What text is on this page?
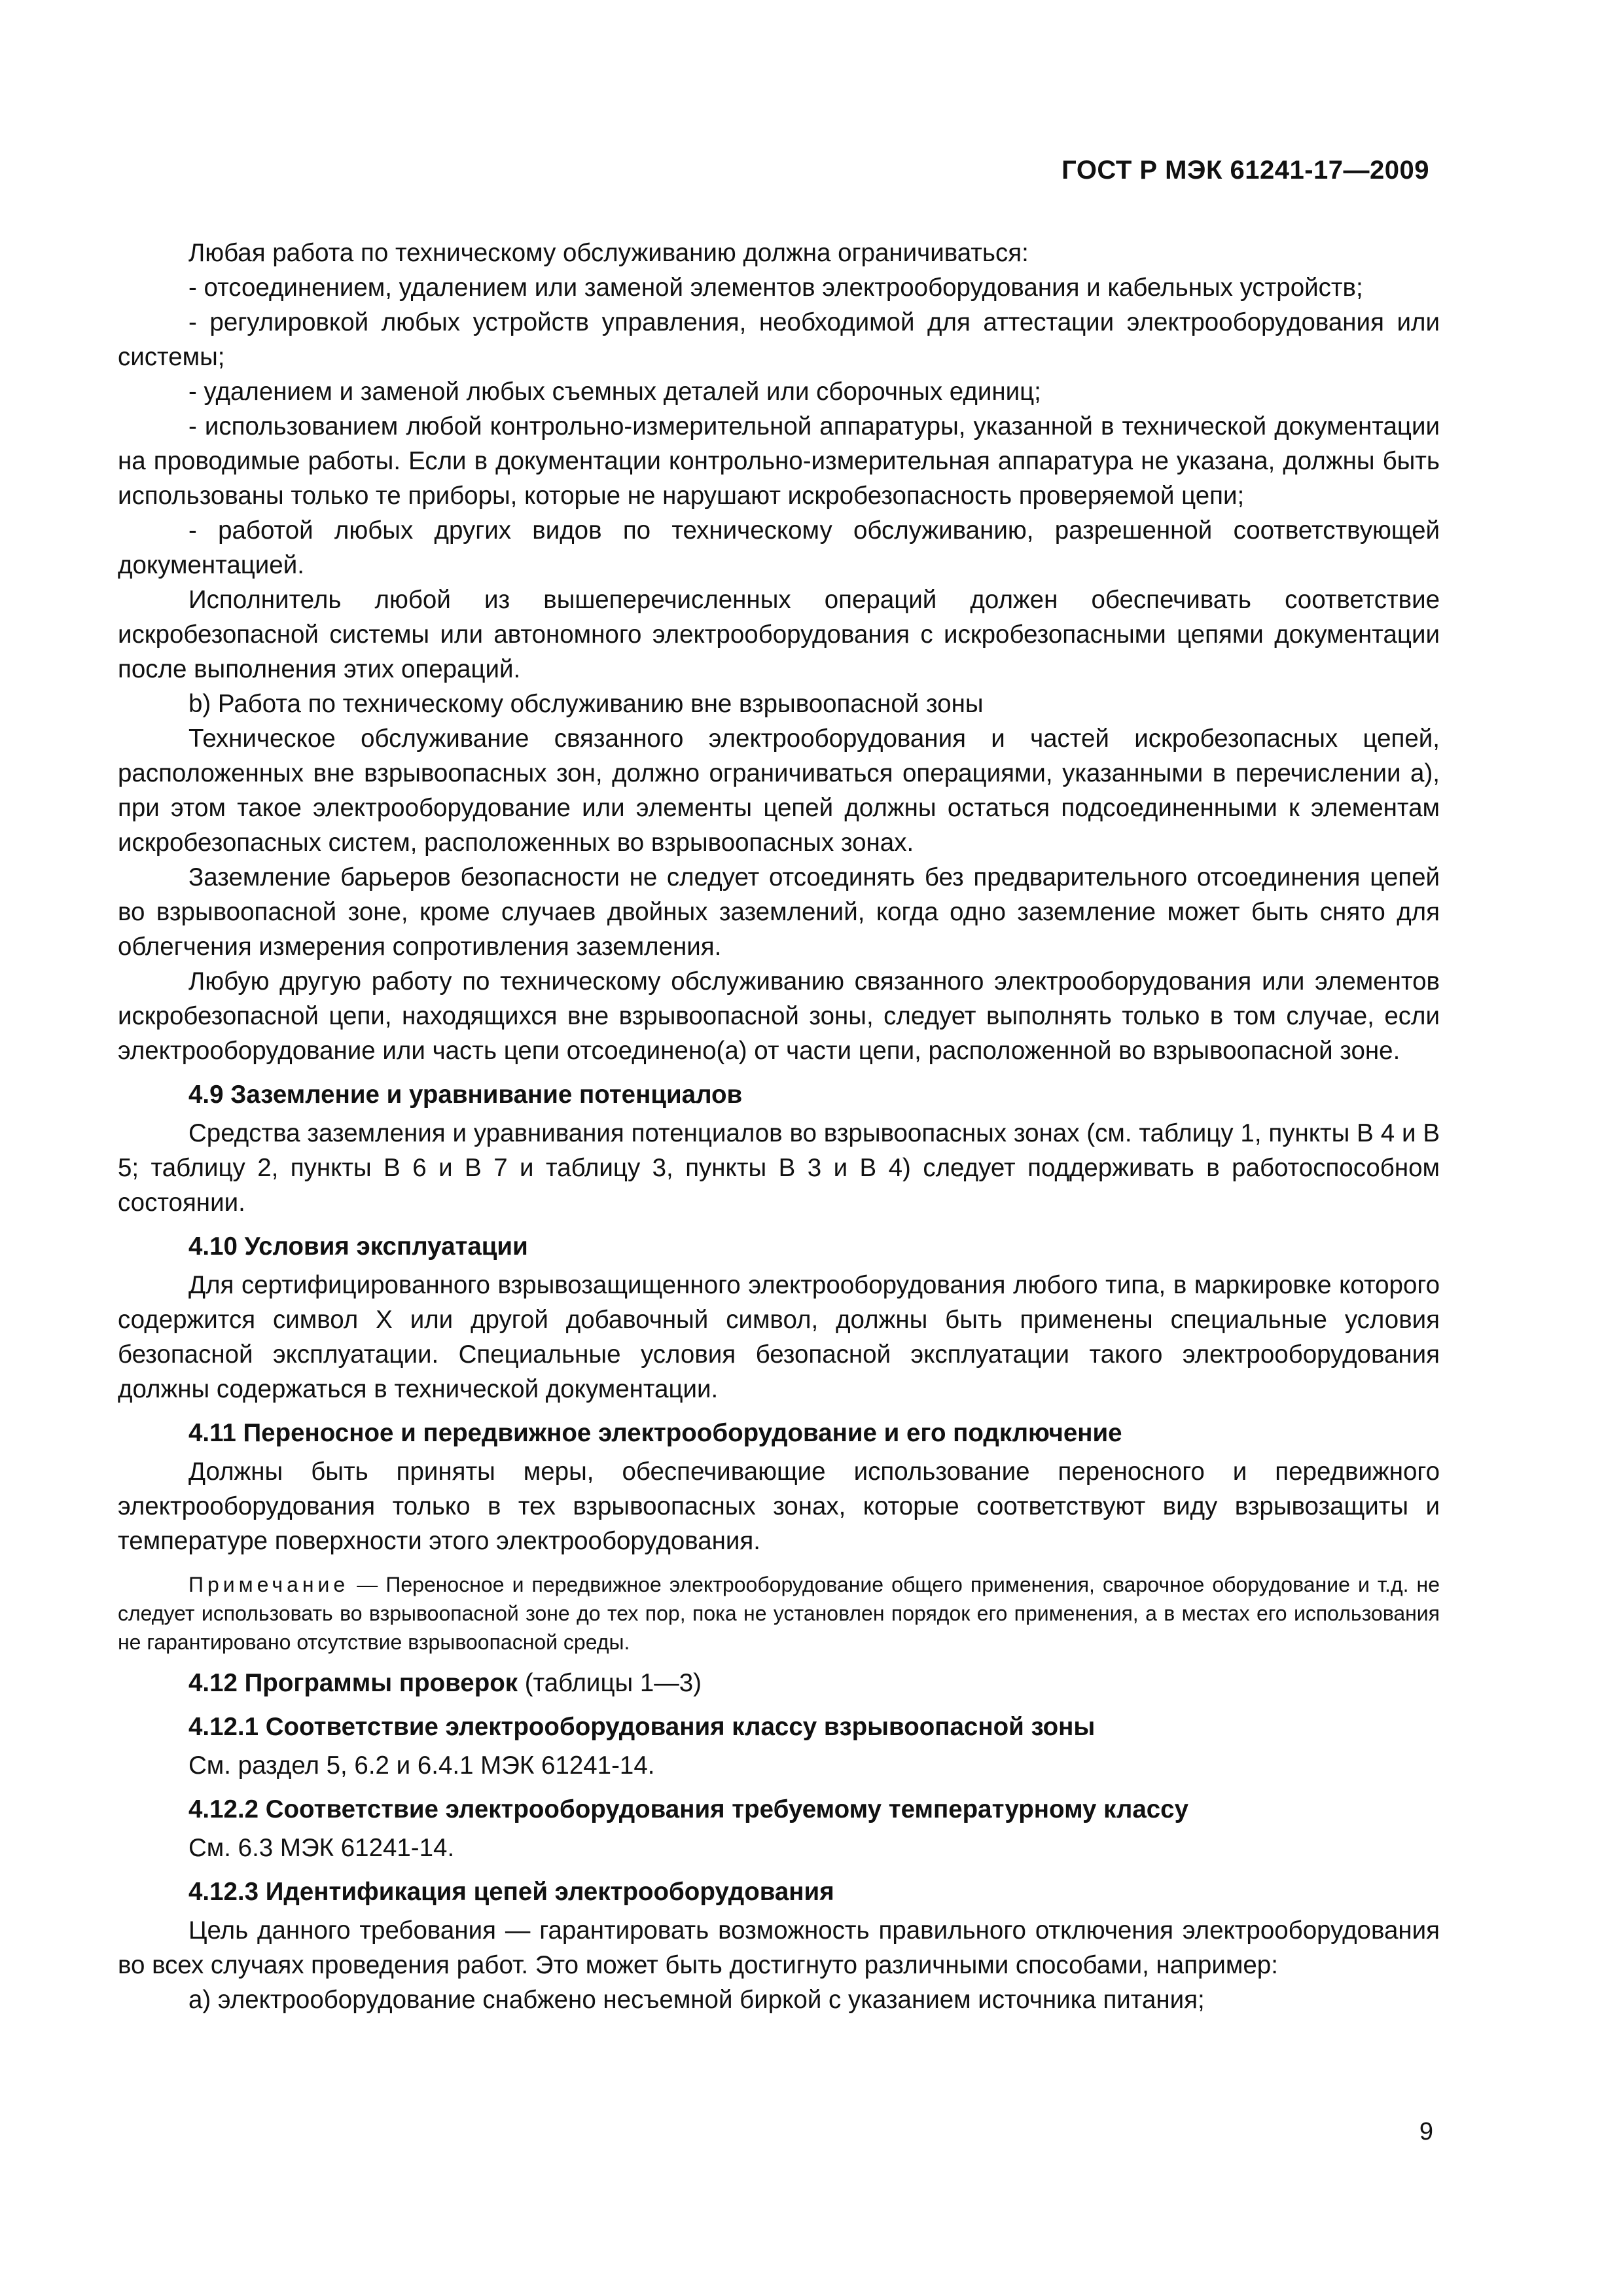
ГОСТ Р МЭК 61241-17—2009

Любая работа по техническому обслуживанию должна ограничиваться:

- отсоединением, удалением или заменой элементов электрооборудования и кабельных устройств;

- регулировкой любых устройств управления, необходимой для аттестации электрооборудования или системы;

- удалением и заменой любых съемных деталей или сборочных единиц;

- использованием любой контрольно-измерительной аппаратуры, указанной в технической документации на проводимые работы. Если в документации контрольно-измерительная аппаратура не указана, должны быть использованы только те приборы, которые не нарушают искробезопасность проверяемой цепи;

- работой любых других видов по техническому обслуживанию, разрешенной соответствующей документацией.

Исполнитель любой из вышеперечисленных операций должен обеспечивать соответствие искробезопасной системы или автономного электрооборудования с искробезопасными цепями документации после выполнения этих операций.

b) Работа по техническому обслуживанию вне взрывоопасной зоны

Техническое обслуживание связанного электрооборудования и частей искробезопасных цепей, расположенных вне взрывоопасных зон, должно ограничиваться операциями, указанными в перечислении а), при этом такое электрооборудование или элементы цепей должны остаться подсоединенными к элементам искробезопасных систем, расположенных во взрывоопасных зонах.

Заземление барьеров безопасности не следует отсоединять без предварительного отсоединения цепей во взрывоопасной зоне, кроме случаев двойных заземлений, когда одно заземление может быть снято для облегчения измерения сопротивления заземления.

Любую другую работу по техническому обслуживанию связанного электрооборудования или элементов искробезопасной цепи, находящихся вне взрывоопасной зоны, следует выполнять только в том случае, если электрооборудование или часть цепи отсоединено(а) от части цепи, расположенной во взрывоопасной зоне.

4.9 Заземление и уравнивание потенциалов

Средства заземления и уравнивания потенциалов во взрывоопасных зонах (см. таблицу 1, пункты В 4 и В 5; таблицу 2, пункты В 6 и В 7 и таблицу 3, пункты В 3 и В 4) следует поддерживать в работоспособном состоянии.

4.10 Условия эксплуатации

Для сертифицированного взрывозащищенного электрооборудования любого типа, в маркировке которого содержится символ X или другой добавочный символ, должны быть применены специальные условия безопасной эксплуатации. Специальные условия безопасной эксплуатации такого электрооборудования должны содержаться в технической документации.

4.11 Переносное и передвижное электрооборудование и его подключение

Должны быть приняты меры, обеспечивающие использование переносного и передвижного электрооборудования только в тех взрывоопасных зонах, которые соответствуют виду взрывозащиты и температуре поверхности этого электрооборудования.

Примечание — Переносное и передвижное электрооборудование общего применения, сварочное оборудование и т.д. не следует использовать во взрывоопасной зоне до тех пор, пока не установлен порядок его применения, а в местах его использования не гарантировано отсутствие взрывоопасной среды.
4.12 Программы проверок (таблицы 1—3)
4.12.1 Соответствие электрооборудования классу взрывоопасной зоны

См. раздел 5, 6.2 и 6.4.1 МЭК 61241-14.

4.12.2 Соответствие электрооборудования требуемому температурному классу

См. 6.3 МЭК 61241-14.

4.12.3 Идентификация цепей электрооборудования

Цель данного требования — гарантировать возможность правильного отключения электрооборудования во всех случаях проведения работ. Это может быть достигнуто различными способами, например:

а) электрооборудование снабжено несъемной биркой с указанием источника питания;

9
